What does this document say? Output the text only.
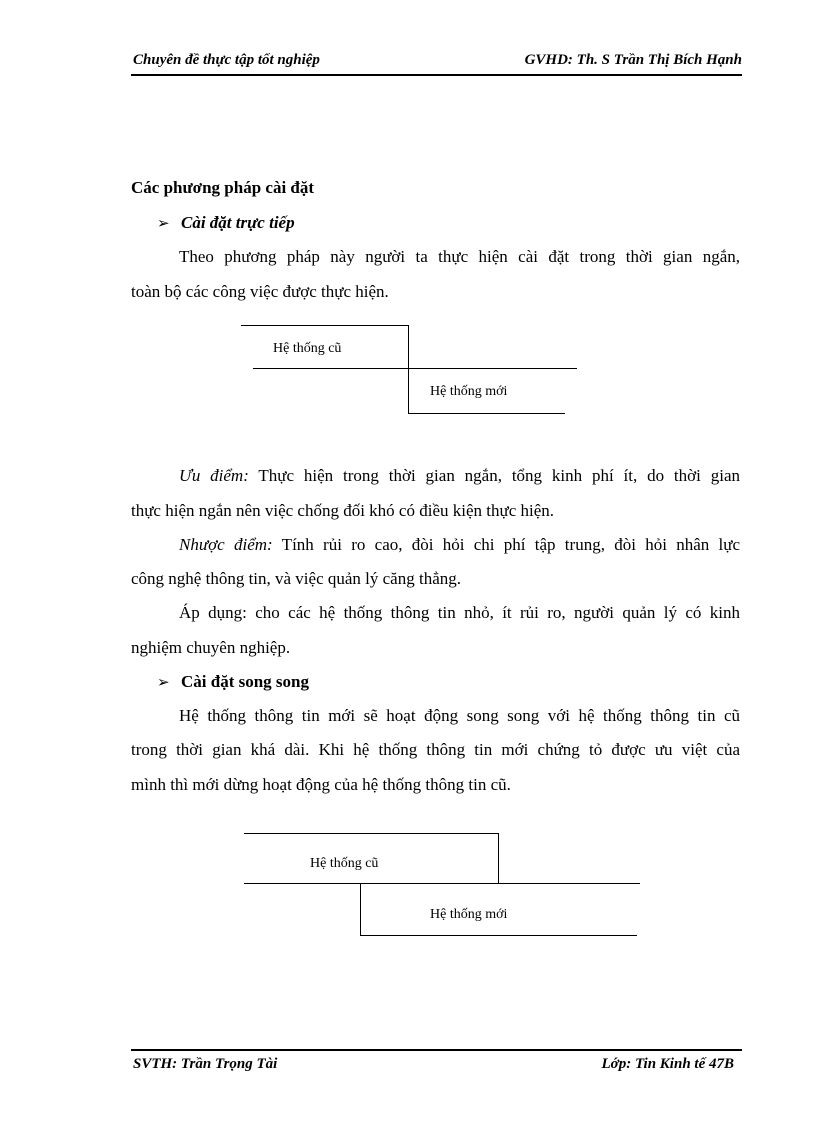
Chuyên đề thực tập tốt nghiệp	GVHD: Th. S Trần Thị Bích Hạnh
Các phương pháp cài đặt
➢ Cài đặt trực tiếp
Theo phương pháp này người ta thực hiện cài đặt trong thời gian ngắn,
toàn bộ các công việc được thực hiện.
Hệ thống cũ
Hệ thống mới
Ưu điểm: Thực hiện trong thời gian ngắn, tổng kinh phí ít, do thời gian
thực hiện ngắn nên việc chống đối khó có điều kiện thực hiện.
Nhược điểm: Tính rủi ro cao, đòi hỏi chi phí tập trung, đòi hỏi nhân lực
công nghệ thông tin, và việc quản lý căng thẳng.
Áp dụng: cho các hệ thống thông tin nhỏ, ít rủi ro, người quản lý có kinh
nghiệm chuyên nghiệp.
➢ Cài đặt song song
Hệ thống thông tin mới sẽ hoạt động song song với hệ thống thông tin cũ
trong thời gian khá dài. Khi hệ thống thông tin mới chứng tỏ được ưu việt của
mình thì mới dừng hoạt động của hệ thống thông tin cũ.
Hệ thống cũ
Hệ thống mới
SVTH: Trần Trọng Tài	Lớp: Tin Kinh tế 47B
